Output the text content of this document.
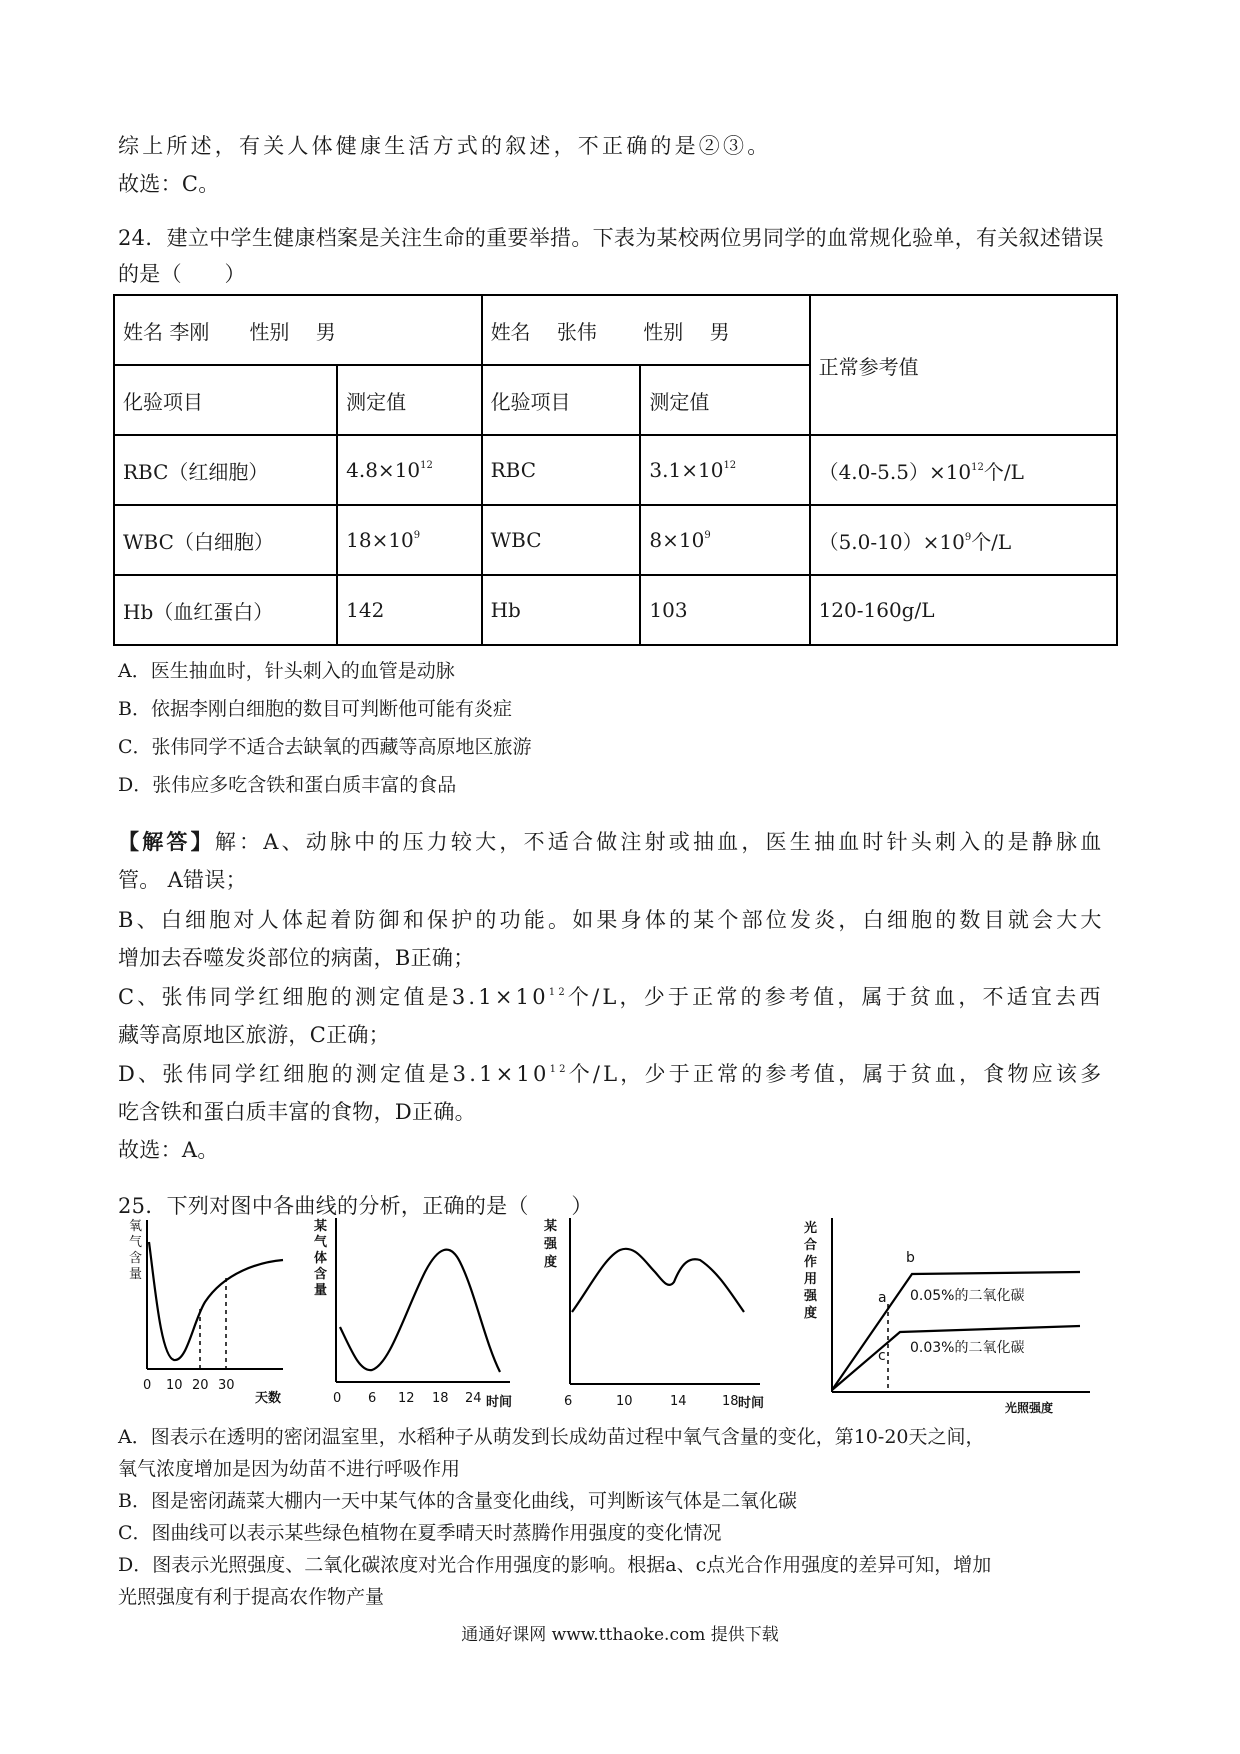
综上所述，有关人体健康生活方式的叙述，不正确的是②③。
故选：C。
24．建立中学生健康档案是关注生命的重要举措。下表为某校两位男同学的血常规化验单，有关叙述错误
的是（　　）
姓名 李刚　　性别　 男		姓名　 张伟　　 性别　 男		正常参考值
化验项目	测定值	化验项目	测定值	
RBC（红细胞）	$4.8\times 10^{12}$	RBC	$3.1\times 10^{12}$	$(4.0-5.5)\times 10^{12}$个/L
WBC（白细胞）	$18\times 10^9$	WBC	$8\times 10^9$	$(5.0-10)\times 10^9$个/L
Hb（血红蛋白）	142	Hb	103	120-160g/L
A．医生抽血时，针头刺入的血管是动脉
B．依据李刚白细胞的数目可判断他可能有炎症
C．张伟同学不适合去缺氧的西藏等高原地区旅游
D．张伟应多吃含铁和蛋白质丰富的食品
【解答】解：A、动脉中的压力较大，不适合做注射或抽血，医生抽血时针头刺入的是静脉血
管。 A错误；
B、白细胞对人体起着防御和保护的功能。如果身体的某个部位发炎，白细胞的数目就会大大
增加去吞噬发炎部位的病菌，B正确；
C、张伟同学红细胞的测定值是$3.1\times 10^{12}$个/L，少于正常的参考值，属于贫血，不适宜去西
藏等高原地区旅游，C正确；
D、张伟同学红细胞的测定值是$3.1\times 10^{12}$个/L，少于正常的参考值，属于贫血，食物应该多
吃含铁和蛋白质丰富的食物，D正确。
故选：A。
25．下列对图中各曲线的分析，正确的是（　　）
氧
气
含
量
0 10 20 30
天数
某
气
体
含
量
0 6 12 18 24 时间
某
强
度
6	10	14	18 时间
光
合
作
用
强
度
a
b
c
0.05%的二氧化碳
0.03%的二氧化碳
光照强度
A．图表示在透明的密闭温室里，水稻种子从萌发到长成幼苗过程中氧气含量的变化，第10-20天之间，
氧气浓度增加是因为幼苗不进行呼吸作用
B．图是密闭蔬菜大棚内一天中某气体的含量变化曲线，可判断该气体是二氧化碳
C．图曲线可以表示某些绿色植物在夏季晴天时蒸腾作用强度的变化情况
D．图表示光照强度、二氧化碳浓度对光合作用强度的影响。根据a、c点光合作用强度的差异可知，增加
光照强度有利于提高农作物产量
通通好课网 www.tthaoke.com 提供下载
